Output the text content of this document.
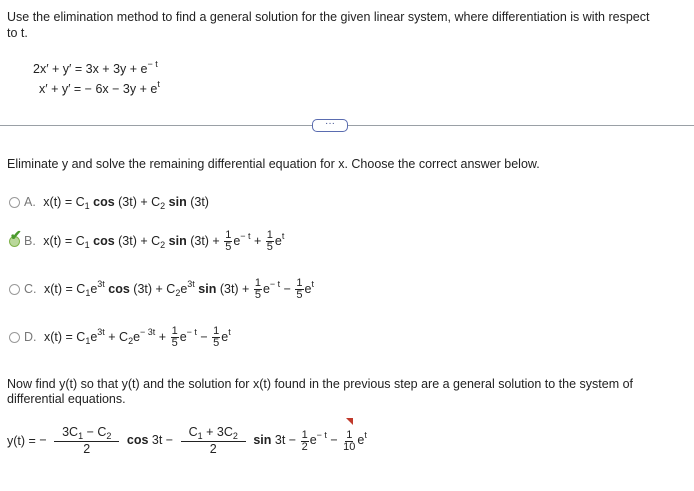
Use the elimination method to find a general solution for the given linear system, where differentiation is with respect
to t.
$2x' + y' = 3x + 3y + e^{- t}$
x′ + y′ = − $6x - 3y + e^t$
···
Eliminate y and solve the remaining differential equation for x. Choose the correct answer below.
A. $x(t) = C_1$ $\cos (3t) + C_2$ sin (3t)
✔ B. $x(t) = C_1$ $\cos (3t) + C_2$ $\sin (3t) + \frac{1}{5} e^{- t} + \frac{1}{5} e^t$
C. $x(t) = C_1e^{3t}$ $\cos (3t) + C_2e^{3t}$ $\sin (3t) + \frac{1}{5} e^{- t} - \frac{1}{5} e^t$
D. $x(t) = C_1e^{3t} + C_2e^{- 3t} + \frac{1}{5} e^{- t} - \frac{1}{5} e^t$
Now find y(t) so that y(t) and the solution for x(t) found in the previous step are a general solution to the system of
differential equations.
y(t) = − $\frac{3C_1 - C_2}{2}$ $\cos 3t - \frac{C_1 + 3C_2}{2}$ $\sin 3t - \frac{1}{2} e^{- t} - \frac{1}{10} e^t$
